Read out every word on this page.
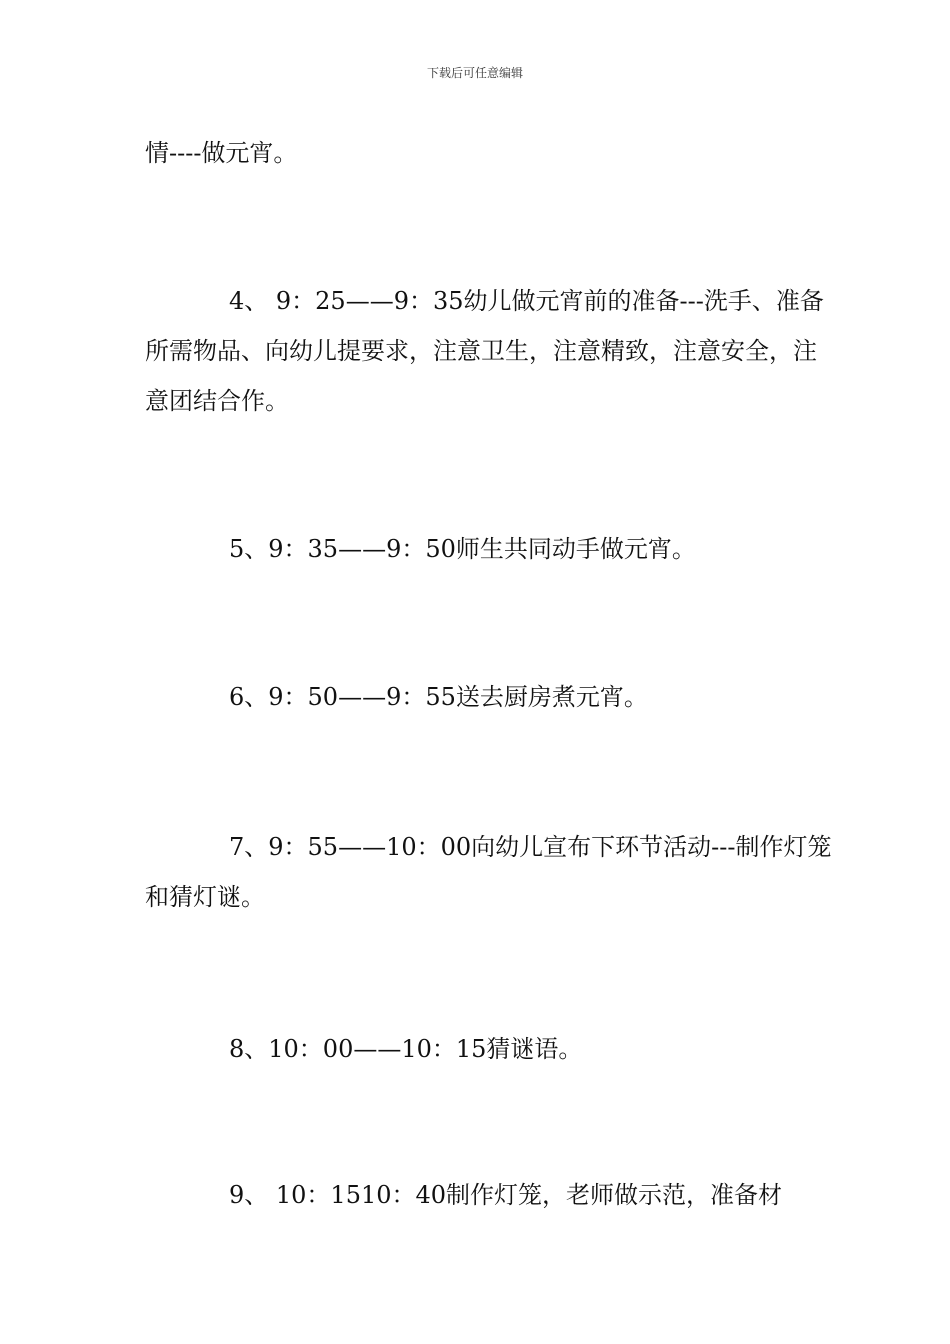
下载后可任意编辑

情----做元宵。

4、 9：25——9：35幼儿做元宵前的准备---洗手、准备所需物品、向幼儿提要求，注意卫生，注意精致，注意安全，注意团结合作。

5、9：35——9：50师生共同动手做元宵。

6、9：50——9：55送去厨房煮元宵。

7、9：55——10：00向幼儿宣布下环节活动---制作灯笼和猜灯谜。

8、10：00——10：15猜谜语。

9、 10：1510：40制作灯笼，老师做示范，准备材
